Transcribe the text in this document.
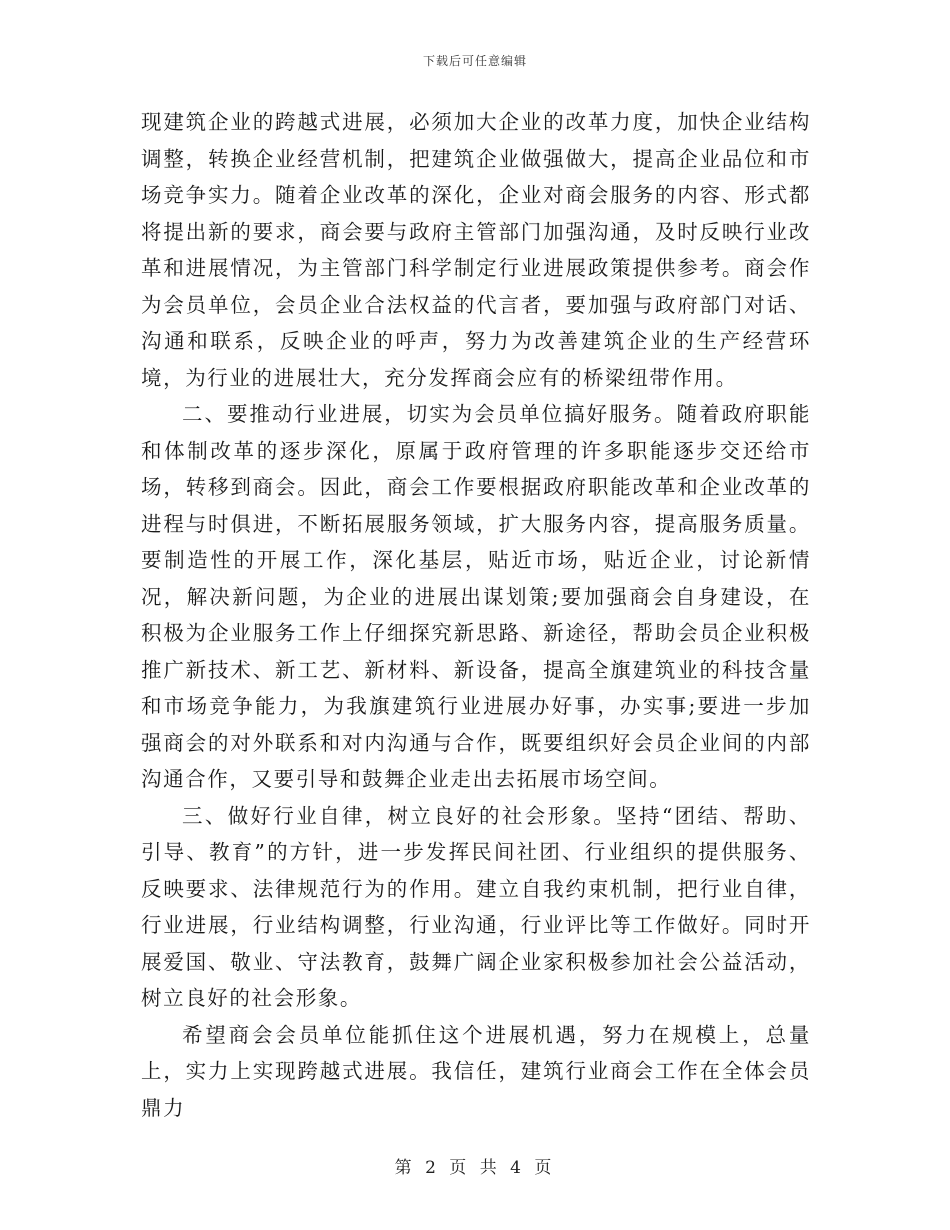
下载后可任意编辑

现建筑企业的跨越式进展，必须加大企业的改革力度，加快企业结构调整，转换企业经营机制，把建筑企业做强做大，提高企业品位和市场竞争实力。随着企业改革的深化，企业对商会服务的内容、形式都将提出新的要求，商会要与政府主管部门加强沟通，及时反映行业改革和进展情况，为主管部门科学制定行业进展政策提供参考。商会作为会员单位，会员企业合法权益的代言者，要加强与政府部门对话、沟通和联系，反映企业的呼声，努力为改善建筑企业的生产经营环境，为行业的进展壮大，充分发挥商会应有的桥梁纽带作用。

二、要推动行业进展，切实为会员单位搞好服务。随着政府职能和体制改革的逐步深化，原属于政府管理的许多职能逐步交还给市场，转移到商会。因此，商会工作要根据政府职能改革和企业改革的进程与时俱进，不断拓展服务领域，扩大服务内容，提高服务质量。要制造性的开展工作，深化基层，贴近市场，贴近企业，讨论新情况，解决新问题，为企业的进展出谋划策;要加强商会自身建设，在积极为企业服务工作上仔细探究新思路、新途径，帮助会员企业积极推广新技术、新工艺、新材料、新设备，提高全旗建筑业的科技含量和市场竞争能力，为我旗建筑行业进展办好事，办实事;要进一步加强商会的对外联系和对内沟通与合作，既要组织好会员企业间的内部沟通合作，又要引导和鼓舞企业走出去拓展市场空间。

三、做好行业自律，树立良好的社会形象。坚持“团结、帮助、引导、教育”的方针，进一步发挥民间社团、行业组织的提供服务、反映要求、法律规范行为的作用。建立自我约束机制，把行业自律，行业进展，行业结构调整，行业沟通，行业评比等工作做好。同时开展爱国、敬业、守法教育，鼓舞广阔企业家积极参加社会公益活动，树立良好的社会形象。

希望商会会员单位能抓住这个进展机遇，努力在规模上，总量上，实力上实现跨越式进展。我信任，建筑行业商会工作在全体会员鼎力

第 2 页 共 4 页
